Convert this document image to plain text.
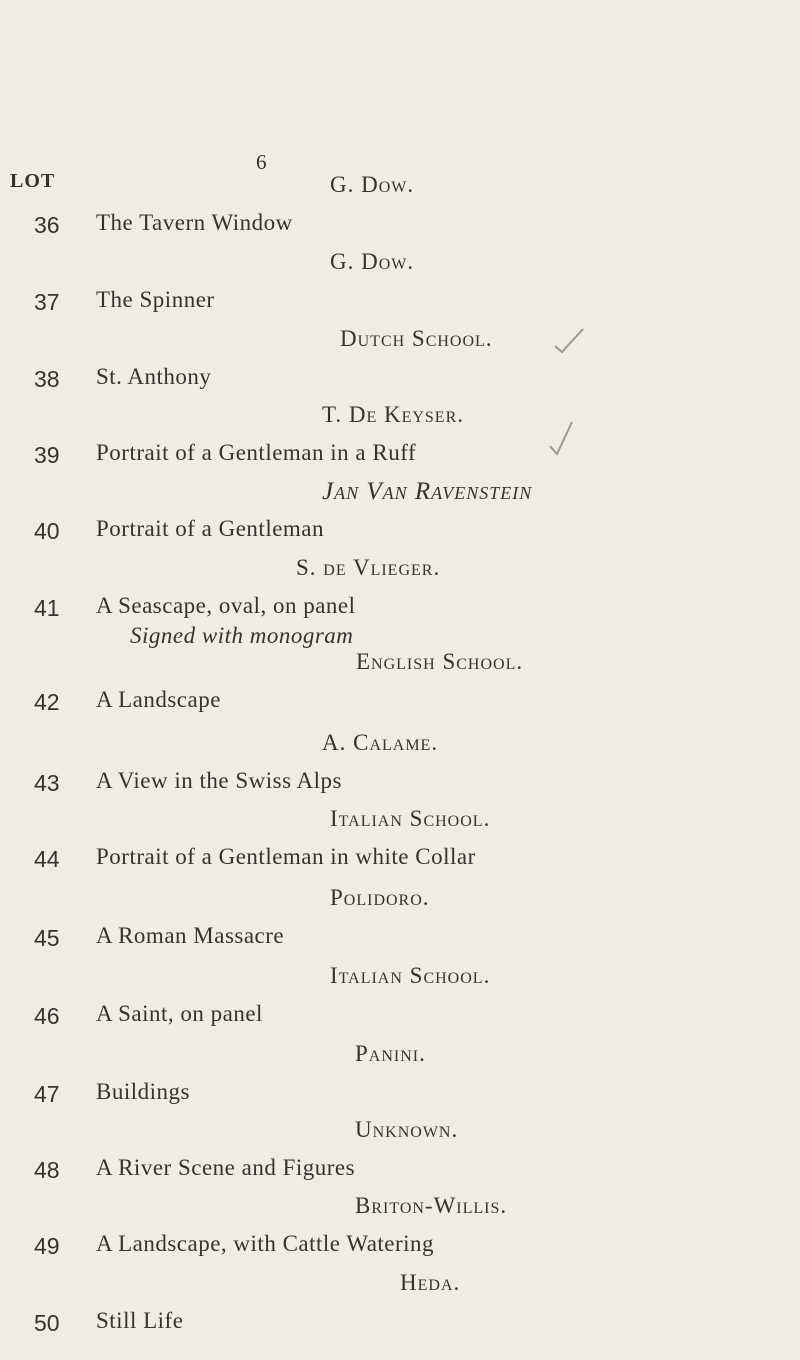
6
LOT
36
G. Dow.
The Tavern Window
37
G. Dow.
The Spinner
38
Dutch School.
St. Anthony
39
T. De Keyser.
Portrait of a Gentleman in a Ruff
40
Jan Van Ravenstein
Portrait of a Gentleman
41
S. de Vlieger.
A Seascape, oval, on panel
Signed with monogram
42
English School.
A Landscape
43
A. Calame.
A View in the Swiss Alps
44
Italian School.
Portrait of a Gentleman in white Collar
45
Polidoro.
A Roman Massacre
46
Italian School.
A Saint, on panel
47
Panini.
Buildings
48
Unknown.
A River Scene and Figures
49
Briton-Willis.
A Landscape, with Cattle Watering
50
Heda.
Still Life
